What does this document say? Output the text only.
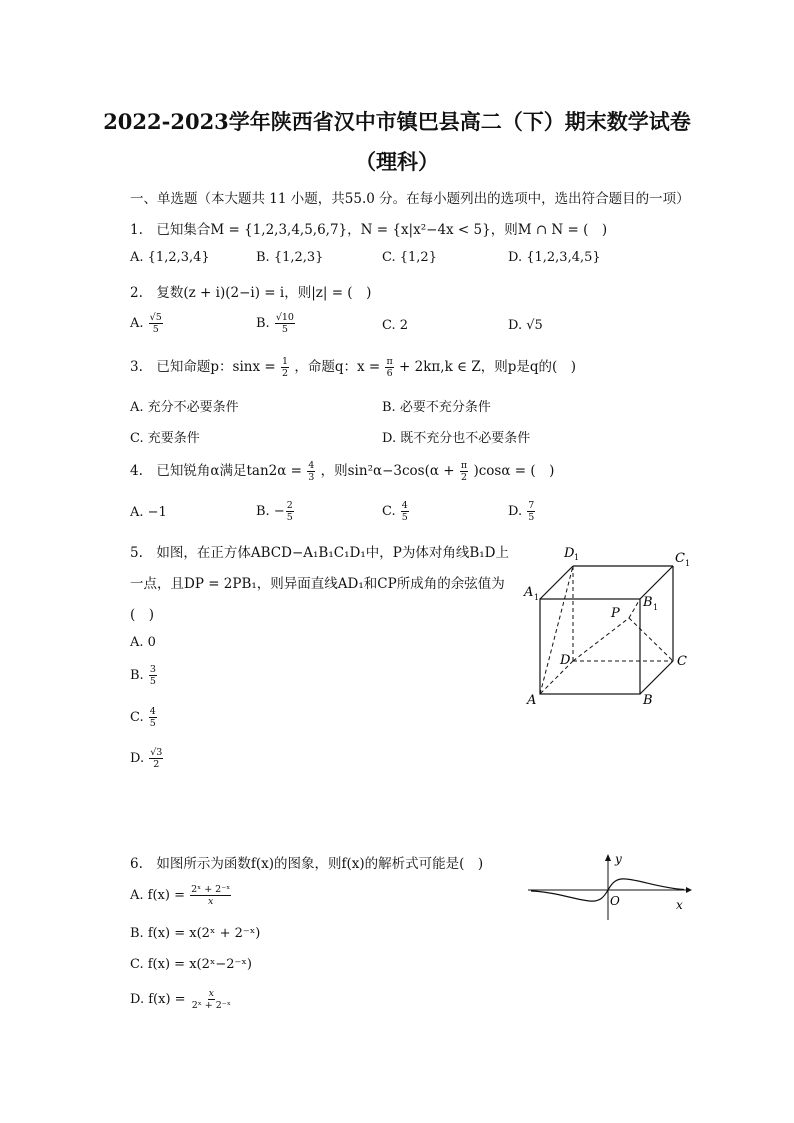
2022-2023学年陕西省汉中市镇巴县高二（下）期末数学试卷
（理科）
一、单选题（本大题共 11 小题，共55.0 分。在每小题列出的选项中，选出符合题目的一项）
1.　已知集合M = {1,2,3,4,5,6,7}，N = {x|x²−4x < 5}，则M ∩ N = (　)
A. {1,2,3,4}	B. {1,2,3}	C. {1,2}	D. {1,2,3,4,5}
2.　复数(z + i)(2−i) = i，则|z| = (　)
A. $\frac{√5}{5}$	B. $\frac{√10}{5}$	C. 2	D. √5
3.　已知命题p：$\sin x = \frac{1}{2}$ ，命题q：$x = \frac{\pi}{6} + 2k\pi,k$ ∈ Z，则p是q的(　)
A. 充分不必要条件	B. 必要不充分条件
C. 充要条件	D. 既不充分也不必要条件
4.　已知锐角α满足$\tan 2\alpha = \frac{4}{3}$ ，则$\sin^2\alpha-3\cos(\alpha + \frac{\pi}{2} )\cos\alpha$ = (　)
A. −1	B. − $\frac{2}{5}$	C. $\frac{4}{5}$	D. $\frac{7}{5}$
5.　如图，在正方体ABCD−A₁B₁C₁D₁中，P为体对角线B₁D上
一点，且DP = 2PB₁，则异面直线AD₁和CP所成角的余弦值为
(　)
A. 0
B. $\frac{3}{5}$
C. $\frac{4}{5}$
D. $\frac{√3}{2}$
D 1	C 1
A 1	B 1
P
D	C
A	B
6.　如图所示为函数f(x)的图象，则f(x)的解析式可能是(　)
A. $f(x) = \frac{\text{2ˣ + 2⁻ˣ}}{x}$
B. f(x) = x(2ˣ + 2⁻ˣ)
C. f(x) = x(2ˣ−2⁻ˣ)
D. $f(x) = \frac{x}{\text{2ˣ + 2⁻ˣ}}$
y
O	x
